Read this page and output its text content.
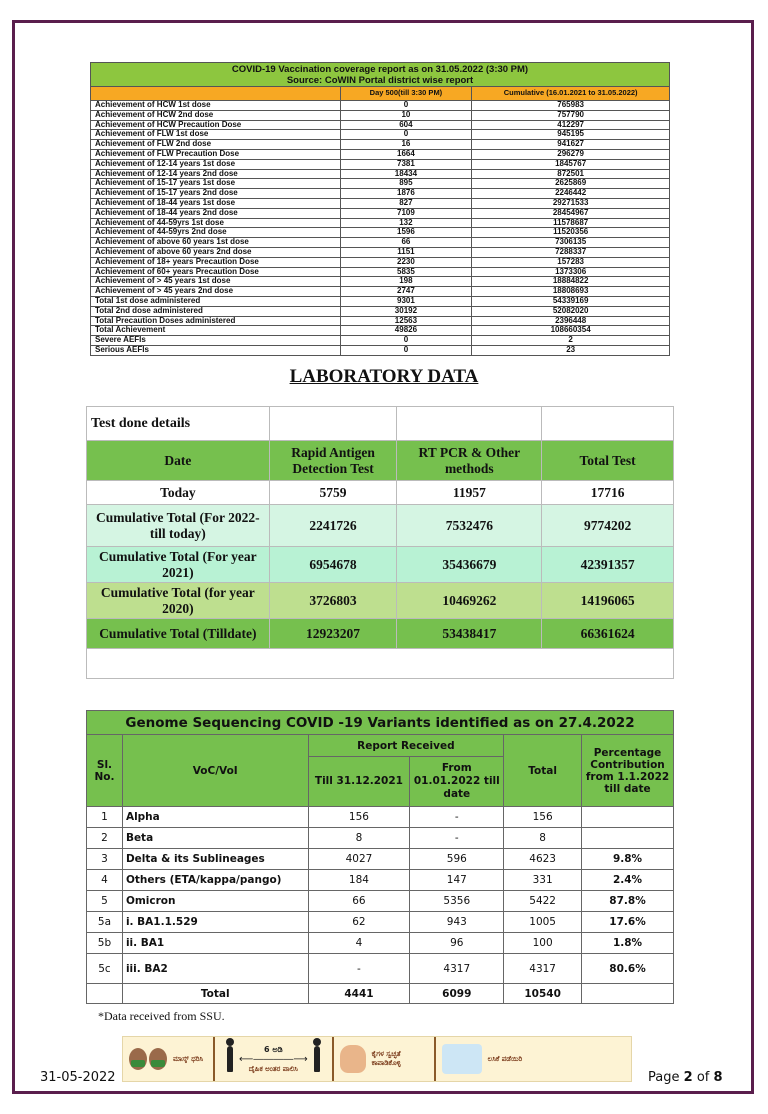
COVID-19 Vaccination coverage report as on 31.05.2022 (3:30 PM)
Source: CoWIN Portal district wise report		

	Day 500(till 3:30 PM)	Cumulative (16.01.2021 to 31.05.2022)
Achievement of HCW 1st dose	0	765983
Achievement of HCW 2nd dose	10	757790
Achievement of HCW Precaution Dose	604	412297
Achievement of FLW 1st dose	0	945195
Achievement of FLW 2nd dose	16	941627
Achievement of FLW Precaution Dose	1664	296279
Achievement of 12-14 years 1st dose	7381	1845767
Achievement of 12-14 years 2nd dose	18434	872501
Achievement of 15-17 years 1st dose	895	2625869
Achievement of 15-17 years 2nd dose	1876	2246442
Achievement of 18-44 years 1st dose	827	29271533
Achievement of 18-44 years 2nd dose	7109	28454967
Achievement of 44-59yrs 1st dose	132	11578687
Achievement of 44-59yrs 2nd dose	1596	11520356
Achievement of above 60 years 1st dose	66	7306135
Achievement of above 60 years 2nd dose	1151	7288337
Achievement of 18+ years Precaution Dose	2230	157283
Achievement of 60+ years Precaution Dose	5835	1373306
Achievement of > 45 years 1st dose	198	18884822
Achievement of > 45 years 2nd dose	2747	18808693
Total 1st dose administered	9301	54339169
Total 2nd dose administered	30192	52082020
Total Precaution Doses administered	12563	2396448
Total Achievement	49826	108660354
Severe AEFIs	0	2
Serious AEFIs	0	23
LABORATORY DATA
Test done details			
Date	Rapid Antigen Detection Test	RT PCR & Other methods	Total Test
Today	5759	11957	17716
Cumulative Total (For 2022- till today)	2241726	7532476	9774202
Cumulative Total (For year 2021)	6954678	35436679	42391357
Cumulative Total (for year 2020)	3726803	10469262	14196065
Cumulative Total (Tilldate)	12923207	53438417	66361624

Genome Sequencing COVID -19 Variants identified as on 27.4.2022					
Sl. No.	VoC/VoI	Report Received		Total	Percentage Contribution from 1.1.2022 till date
		Till 31.12.2021	From 01.01.2022 till date		
1	Alpha	156	-	156	
2	Beta	8	-	8	
3	Delta & its Sublineages	4027	596	4623	9.8%
4	Others (ETA/kappa/pango)	184	147	331	2.4%
5	Omicron	66	5356	5422	87.8%
5a	i. BA1.1.529	62	943	1005	17.6%
5b	ii. BA1	4	96	100	1.8%
5c	iii. BA2	-	4317	4317	80.6%
	Total	4441	6099	10540	
*Data received from SSU.
ಮಾಸ್ಕ್ ಧರಿಸಿ
6 ಅಡಿ
⟵――――⟶
ದೈಹಿಕ ಅಂತರ ಪಾಲಿಸಿ
ಕೈಗಳ ಸ್ವಚ್ಛತೆ ಕಾಪಾಡಿಕೊಳ್ಳಿ
ಲಸಿಕೆ ಪಡೆಯಿರಿ
31-05-2022	Page 2 of 8
